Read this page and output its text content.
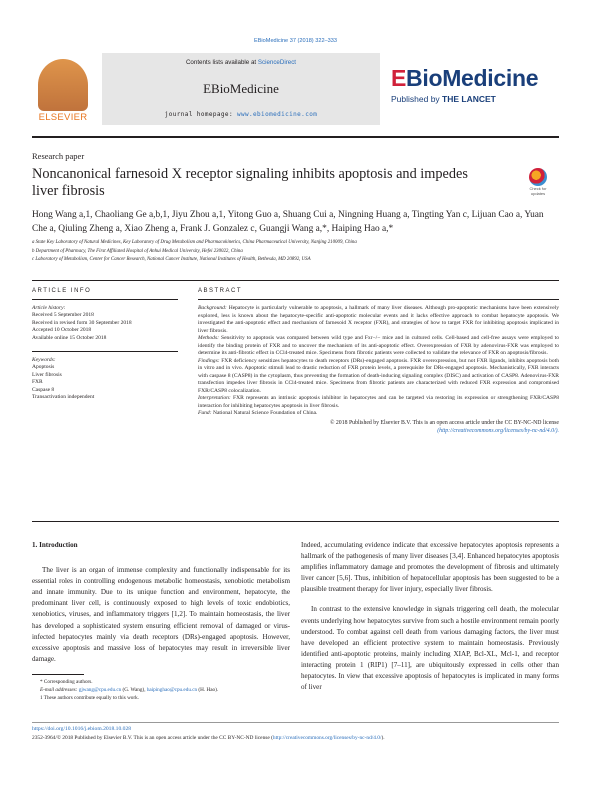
EBioMedicine 37 (2018) 322–333
ELSEVIER
Contents lists available at ScienceDirect
EBioMedicine
journal homepage: www.ebiomedicine.com
EBioMedicine
Published by THE LANCET
Research paper
Noncanonical farnesoid X receptor signaling inhibits apoptosis and impedes liver fibrosis	Check for
updates
Hong Wang a,1, Chaoliang Ge a,b,1, Jiyu Zhou a,1, Yitong Guo a, Shuang Cui a, Ningning Huang a, Tingting Yan c, Lijuan Cao a, Yuan Che a, Qiuling Zheng a, Xiao Zheng a, Frank J. Gonzalez c, Guangji Wang a,*, Haiping Hao a,*
a State Key Laboratory of Natural Medicines, Key Laboratory of Drug Metabolism and Pharmacokinetics, China Pharmaceutical University, Nanjing 210009, China
b Department of Pharmacy, The First Affiliated Hospital of Anhui Medical University, Hefei 230022, China
c Laboratory of Metabolism, Center for Cancer Research, National Cancer Institute, National Institutes of Health, Bethesda, MD 20892, USA
ARTICLE INFO	ABSTRACT
Article history:
Received 5 September 2018
Received in revised form 30 September 2018
Accepted 10 October 2018
Available online 15 October 2018
Keywords:
Apoptosis
Liver fibrosis
FXR
Caspase 8
Transactivation independent

Background: Hepatocyte is particularly vulnerable to apoptosis, a hallmark of many liver diseases. Although pro-apoptotic mechanisms have been extensively explored, less is known about the hepatocyte-specific anti-apoptotic molecular events and it lacks effective approach to combat hepatocyte apoptosis. We investigated the anti-apoptotic effect and mechanism of farnesoid X receptor (FXR), and strategies of how to target FXR for inhibiting apoptosis implicated in liver fibrosis.

Methods: Sensitivity to apoptosis was compared between wild type and Fxr−/− mice and in cultured cells. Cell-based and cell-free assays were employed to identify the binding protein of FXR and to uncover the mechanism of its anti-apoptotic effect. Overexpression of FXR by adenovirus-FXR was employed to determine its anti-fibrotic effect in CCl4-treated mice. Specimens from fibrotic patients were collected to validate the relevance of FXR on apoptosis/fibrosis.

Findings: FXR deficiency sensitizes hepatocytes to death receptors (DRs)-engaged apoptosis. FXR overexpression, but not FXR ligands, inhibits apoptosis both in vitro and in vivo. Apoptotic stimuli lead to drastic reduction of FXR protein levels, a prerequisite for DRs-engaged apoptosis. Mechanistically, FXR interacts with caspase 8 (CASP8) in the cytoplasm, thus preventing the formation of death-inducing signaling complex (DISC) and activation of CASP8. Adenovirus-FXR transfection impedes liver fibrosis in CCl4-treated mice. Specimens from fibrotic patients are characterized with reduced FXR expression and compromised FXR/CASP8 colocalization.

Interpretation: FXR represents an intrinsic apoptosis inhibitor in hepatocytes and can be targeted via restoring its expression or strengthening FXR/CASP8 interaction for inhibiting hepatocytes apoptosis in liver fibrosis.

Fund: National Natural Science Foundation of China.

© 2018 Published by Elsevier B.V. This is an open access article under the CC BY-NC-ND license
(http://creativecommons.org/licenses/by-nc-nd/4.0/).
1. Introduction

The liver is an organ of immense complexity and functionally indispensable for its essential roles in controlling endogenous metabolic homeostasis, xenobiotic metabolism and innate immunity. Due to its unique function and environment, hepatocyte, the predominant liver cell, is continuously exposed to high levels of toxic endobiotics, xenobiotics, viruses, and inflammatory triggers [1,2]. To maintain homeostasis, the liver has developed a sophisticated system ensuring efficient removal of damaged or virus-infected hepatocytes mainly via death receptors (DRs)-engaged apoptosis. However, excessive apoptosis and massive loss of hepatocytes may result in irreversible liver damage.

Indeed, accumulating evidence indicate that excessive hepatocytes apoptosis represents a hallmark of the pathogenesis of many liver diseases [3,4]. Enhanced hepatocytes apoptosis amplifies inflammatory damage and promotes the development of fibrosis and ultimately liver cancer [5,6]. Thus, inhibition of hepatocellular apoptosis has been suggested to be a plausible treatment therapy for liver injury, especially liver fibrosis.

In contrast to the extensive knowledge in signals triggering cell death, the molecular events underlying how hepatocytes survive from such a hostile environment remain poorly understood. To combat against cell death from various damaging factors, the liver must have developed an efficient protective system to maintain homeostasis. Previously identified anti-apoptotic proteins, mainly including XIAP, Bcl-XL, Mcl-1, and receptor interacting protein 1 (RIP1) [7–11], are ubiquitously expressed in cells other than hepatocytes. In view that excessive apoptosis of hepatocytes is implicated in many forms of liver

* Corresponding authors.
E-mail addresses: gjwang@cpu.edu.cn (G. Wang), haipinghao@cpu.edu.cn (H. Hao).
1 These authors contribute equally to this work.
https://doi.org/10.1016/j.ebiom.2018.10.028
2352-3964/© 2018 Published by Elsevier B.V. This is an open access article under the CC BY-NC-ND license (http://creativecommons.org/licenses/by-nc-nd/4.0/).
